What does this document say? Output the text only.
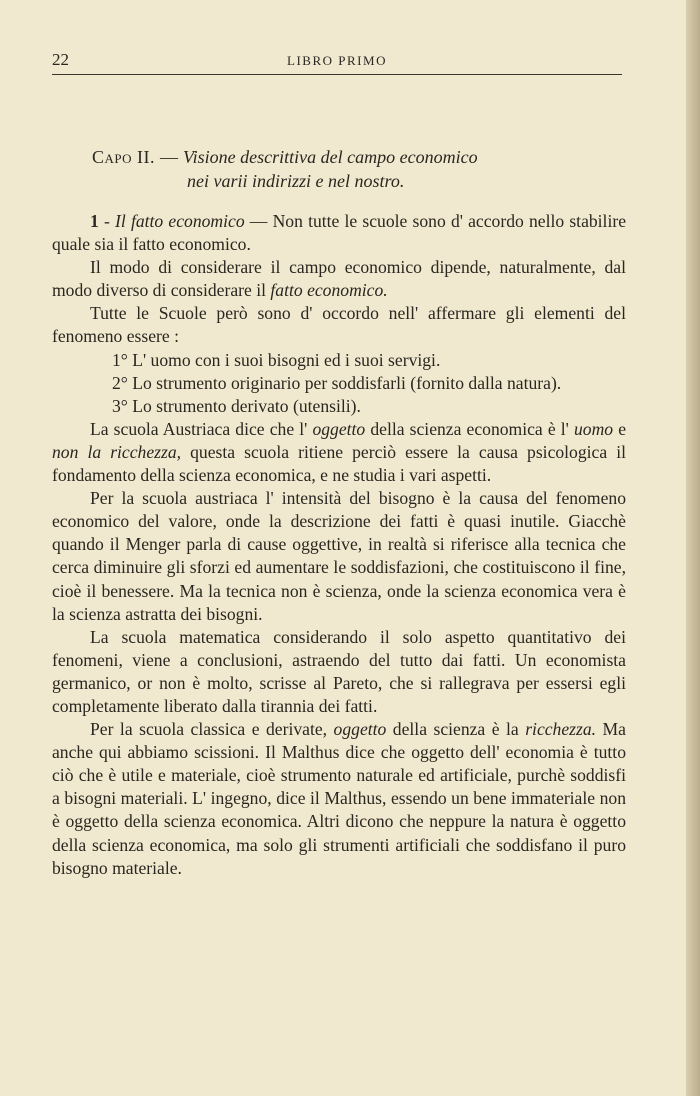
22	LIBRO PRIMO
Capo II. — Visione descrittiva del campo economico
nei varii indirizzi e nel nostro.

1 - Il fatto economico — Non tutte le scuole sono d' accordo nello stabilire quale sia il fatto economico.

Il modo di considerare il campo economico dipende, naturalmente, dal modo diverso di considerare il fatto economico.

Tutte le Scuole però sono d' occordo nell' affermare gli elementi del fenomeno essere :

1° L' uomo con i suoi bisogni ed i suoi servigi.

2° Lo strumento originario per soddisfarli (fornito dalla natura).

3° Lo strumento derivato (utensili).

La scuola Austriaca dice che l' oggetto della scienza economica è l' uomo e non la ricchezza, questa scuola ritiene perciò essere la causa psicologica il fondamento della scienza economica, e ne studia i vari aspetti.

Per la scuola austriaca l' intensità del bisogno è la causa del fenomeno economico del valore, onde la descrizione dei fatti è quasi inutile. Giacchè quando il Menger parla di cause oggettive, in realtà si riferisce alla tecnica che cerca diminuire gli sforzi ed aumentare le soddisfazioni, che costituiscono il fine, cioè il benessere. Ma la tecnica non è scienza, onde la scienza economica vera è la scienza astratta dei bisogni.

La scuola matematica considerando il solo aspetto quantitativo dei fenomeni, viene a conclusioni, astraendo del tutto dai fatti. Un economista germanico, or non è molto, scrisse al Pareto, che si rallegrava per essersi egli completamente liberato dalla tirannia dei fatti.

Per la scuola classica e derivate, oggetto della scienza è la ricchezza. Ma anche qui abbiamo scissioni. Il Malthus dice che oggetto dell' economia è tutto ciò che è utile e materiale, cioè strumento naturale ed artificiale, purchè soddisfi a bisogni materiali. L' ingegno, dice il Malthus, essendo un bene immateriale non è oggetto della scienza economica. Altri dicono che neppure la natura è oggetto della scienza economica, ma solo gli strumenti artificiali che soddisfano il puro bisogno materiale.
